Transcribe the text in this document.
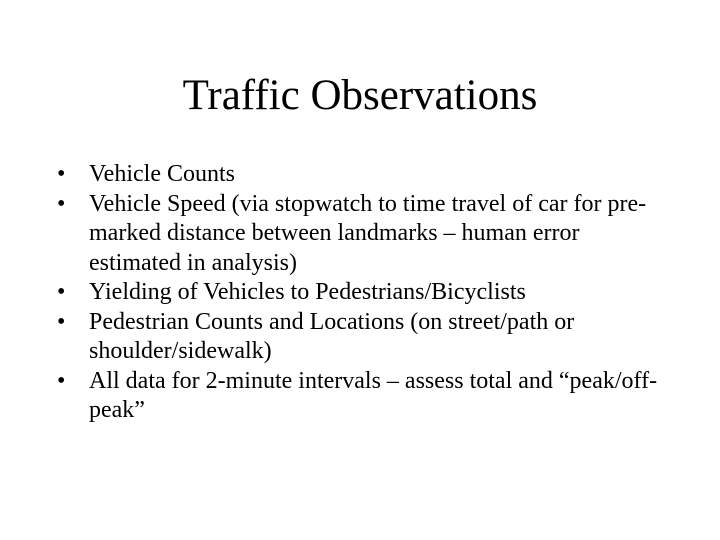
Traffic Observations
• Vehicle Counts
• Vehicle Speed (via stopwatch to time travel of car for pre-marked distance between landmarks – human error estimated in analysis)
• Yielding of Vehicles to Pedestrians/Bicyclists
• Pedestrian Counts and Locations (on street/path or shoulder/sidewalk)
• All data for 2-minute intervals – assess total and “peak/off-peak”
